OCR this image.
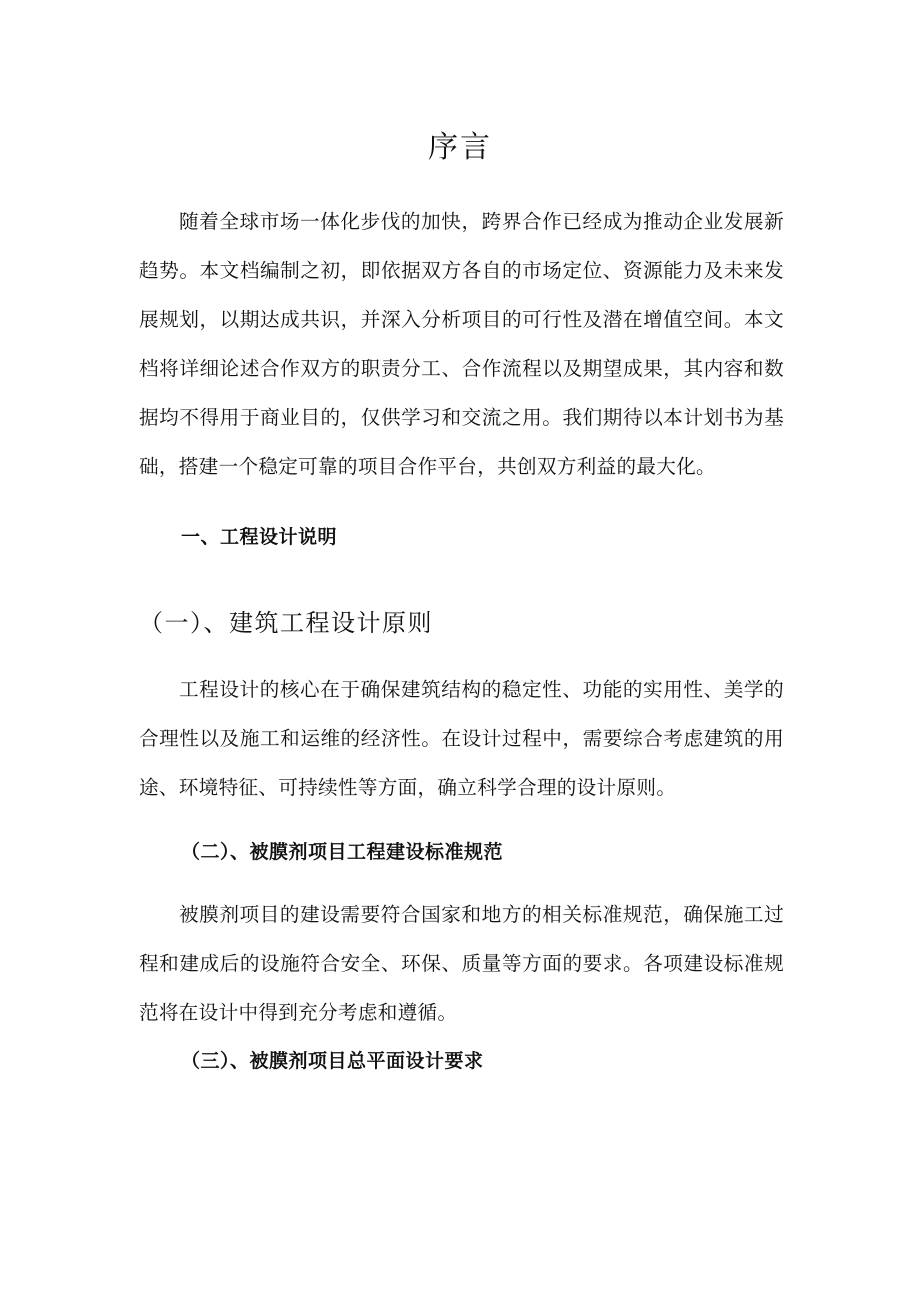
序言

随着全球市场一体化步伐的加快，跨界合作已经成为推动企业发展新趋势。本文档编制之初，即依据双方各自的市场定位、资源能力及未来发展规划，以期达成共识，并深入分析项目的可行性及潜在增值空间。本文档将详细论述合作双方的职责分工、合作流程以及期望成果，其内容和数据均不得用于商业目的，仅供学习和交流之用。我们期待以本计划书为基础，搭建一个稳定可靠的项目合作平台，共创双方利益的最大化。

一、工程设计说明
（一）、建筑工程设计原则

工程设计的核心在于确保建筑结构的稳定性、功能的实用性、美学的合理性以及施工和运维的经济性。在设计过程中，需要综合考虑建筑的用途、环境特征、可持续性等方面，确立科学合理的设计原则。

（二）、被膜剂项目工程建设标准规范

被膜剂项目的建设需要符合国家和地方的相关标准规范，确保施工过程和建成后的设施符合安全、环保、质量等方面的要求。各项建设标准规范将在设计中得到充分考虑和遵循。

（三）、被膜剂项目总平面设计要求
